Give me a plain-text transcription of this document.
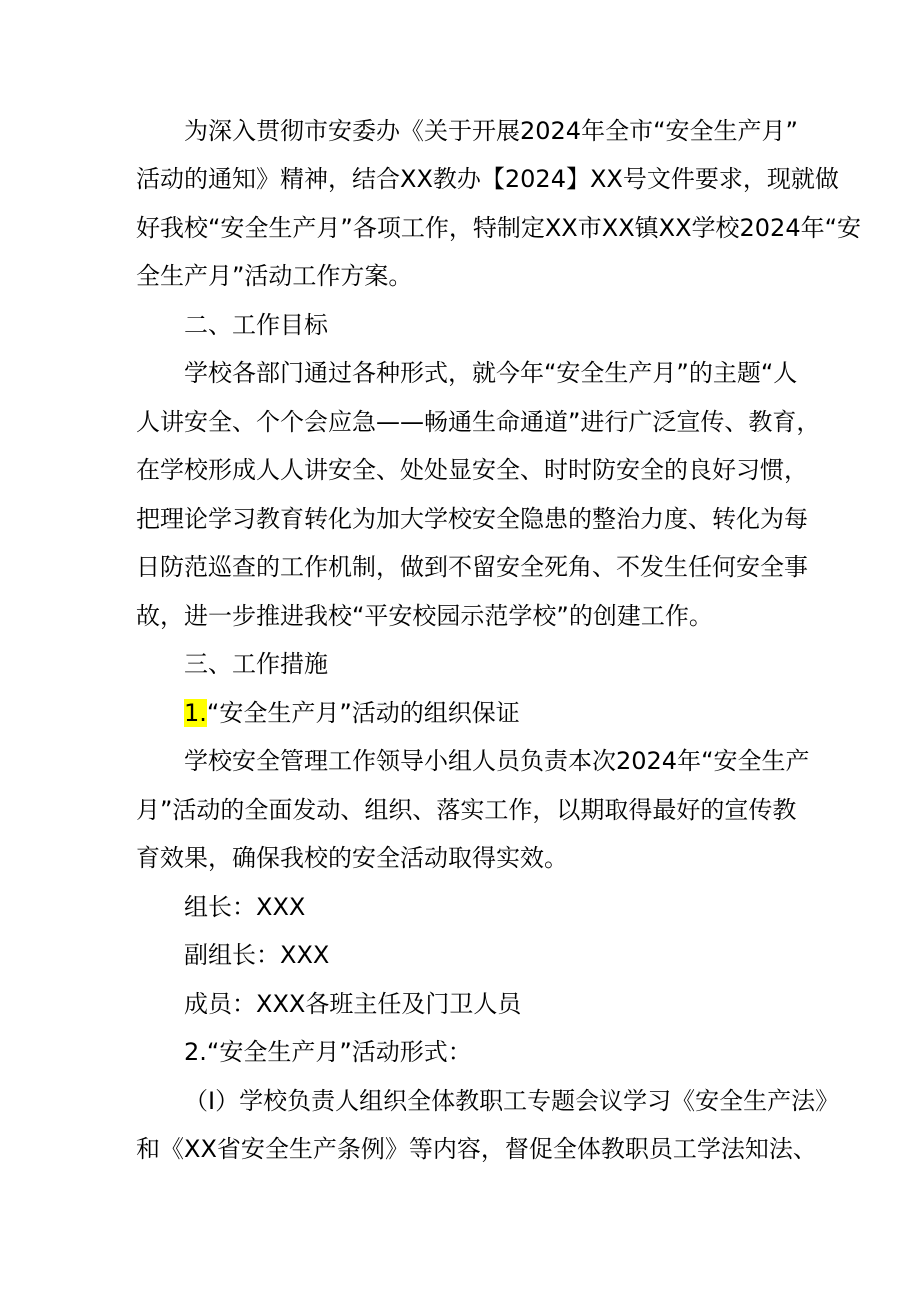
为深入贯彻市安委办《关于开展2024年全市“安全生产月”
活动的通知》精神，结合XX教办【2024】XX号文件要求，现就做
好我校“安全生产月”各项工作，特制定XX市XX镇XX学校2024年“安
全生产月”活动工作方案。
二、工作目标
学校各部门通过各种形式，就今年“安全生产月”的主题“人
人讲安全、个个会应急——畅通生命通道”进行广泛宣传、教育，
在学校形成人人讲安全、处处显安全、时时防安全的良好习惯，
把理论学习教育转化为加大学校安全隐患的整治力度、转化为每
日防范巡查的工作机制，做到不留安全死角、不发生任何安全事
故，进一步推进我校“平安校园示范学校”的创建工作。
三、工作措施
1.“安全生产月”活动的组织保证
学校安全管理工作领导小组人员负责本次2024年“安全生产
月”活动的全面发动、组织、落实工作，以期取得最好的宣传教
育效果，确保我校的安全活动取得实效。
组长：XXX
副组长：XXX
成员：XXX各班主任及门卫人员
2.“安全生产月”活动形式：
（I）学校负责人组织全体教职工专题会议学习《安全生产法》
和《XX省安全生产条例》等内容，督促全体教职员工学法知法、
